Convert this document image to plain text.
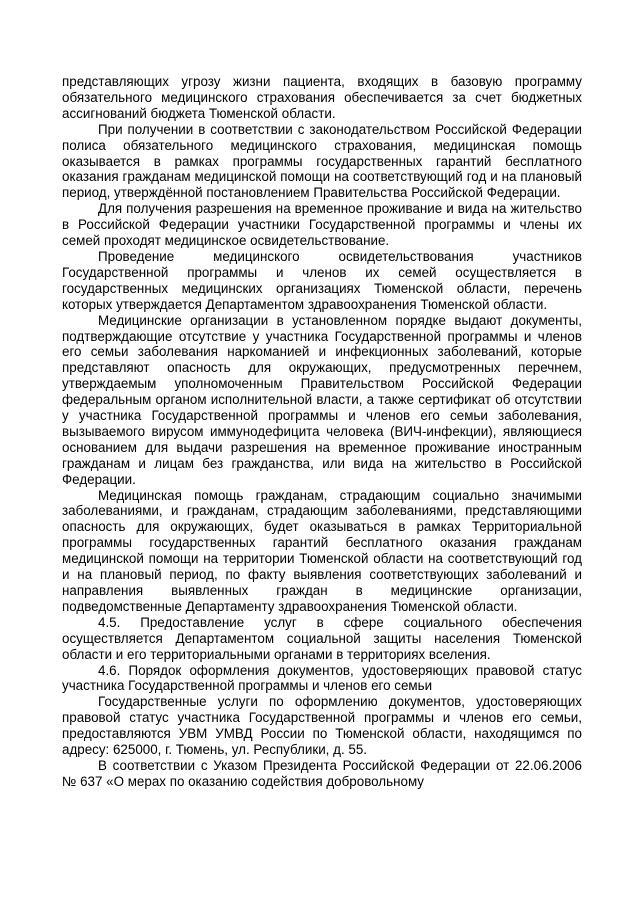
представляющих угрозу жизни пациента, входящих в базовую программу обязательного медицинского страхования обеспечивается за счет бюджетных ассигнований бюджета Тюменской области.

При получении в соответствии с законодательством Российской Федерации полиса обязательного медицинского страхования, медицинская помощь оказывается в рамках программы государственных гарантий бесплатного оказания гражданам медицинской помощи на соответствующий год и на плановый период, утверждённой постановлением Правительства Российской Федерации.

Для получения разрешения на временное проживание и вида на жительство в Российской Федерации участники Государственной программы и члены их семей проходят медицинское освидетельствование.

Проведение медицинского освидетельствования участников Государственной программы и членов их семей осуществляется в государственных медицинских организациях Тюменской области, перечень которых утверждается Департаментом здравоохранения Тюменской области.

Медицинские организации в установленном порядке выдают документы, подтверждающие отсутствие у участника Государственной программы и членов его семьи заболевания наркоманией и инфекционных заболеваний, которые представляют опасность для окружающих, предусмотренных перечнем, утверждаемым уполномоченным Правительством Российской Федерации федеральным органом исполнительной власти, а также сертификат об отсутствии у участника Государственной программы и членов его семьи заболевания, вызываемого вирусом иммунодефицита человека (ВИЧ-инфекции), являющиеся основанием для выдачи разрешения на временное проживание иностранным гражданам и лицам без гражданства, или вида на жительство в Российской Федерации.

Медицинская помощь гражданам, страдающим социально значимыми заболеваниями, и гражданам, страдающим заболеваниями, представляющими опасность для окружающих, будет оказываться в рамках Территориальной программы государственных гарантий бесплатного оказания гражданам медицинской помощи на территории Тюменской области на соответствующий год и на плановый период, по факту выявления соответствующих заболеваний и направления выявленных граждан в медицинские организации, подведомственные Департаменту здравоохранения Тюменской области.

4.5. Предоставление услуг в сфере социального обеспечения осуществляется Департаментом социальной защиты населения Тюменской области и его территориальными органами в территориях вселения.

4.6. Порядок оформления документов, удостоверяющих правовой статус участника Государственной программы и членов его семьи

Государственные услуги по оформлению документов, удостоверяющих правовой статус участника Государственной программы и членов его семьи, предоставляются УВМ УМВД России по Тюменской области, находящимся по адресу: 625000, г. Тюмень, ул. Республики, д. 55.

В соответствии с Указом Президента Российской Федерации от 22.06.2006 № 637 «О мерах по оказанию содействия добровольному
